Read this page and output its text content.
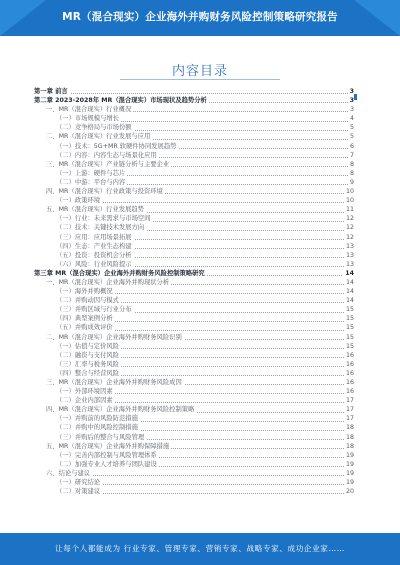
MR（混合现实）企业海外并购财务风险控制策略研究报告
内容目录
第一章 前言	3
第二章 2023-2028年 MR（混合现实）市场现状及趋势分析	3
一、MR（混合现实）行业概况	3
（一）市场规模与增长	4
（二）竞争格局与市场份额	5
二、MR（混合现实）行业发展与应用	5
（一）技术：5G+MR 软硬件协同发展趋势	6
（二）内容：内容生态与场景化应用	7
三、MR（混合现实）产业链分析与主要企业	8
（一）上游：硬件与芯片	8
（二）中游：平台与内容	9
四、MR（混合现实）行业政策与投资环境	10
（一）政策环境	10
五、MR（混合现实）行业发展趋势	11
（一）行业：未来需求与市场空间	12
（二）技术：关键技术发展方向	12
（三）应用：应用场景拓展	12
（四）生态：产业生态构建	13
（五）投资：投资机会分析	13
（六）风险：行业风险提示	13
第三章 MR（混合现实）企业海外并购财务风险控制策略研究	14
一、MR（混合现实）企业海外并购现状分析	14
（一）海外并购概况	14
（二）并购动因与模式	14
（三）并购区域与行业分布	15
（四）典型案例分析	15
（五）并购成效评价	15
二、MR（混合现实）企业海外并购财务风险识别	15
（一）估值与定价风险	15
（二）融资与支付风险	16
（三）汇率与税务风险	16
（四）整合与经营风险	16
三、MR（混合现实）企业海外并购财务风险成因	16
（一）外部环境因素	16
（二）企业内部因素	17
四、MR（混合现实）企业海外并购财务风险控制策略	17
（一）并购前的风险防范措施	17
（二）并购中的风险控制措施	18
（三）并购后的整合与风险管理	18
五、MR（混合现实）企业海外并购保障措施	18
（一）完善内部控制与风险管理体系	19
（二）加强专业人才培养与团队建设	19
六、结论与建议	19
（一）研究结论	19
（二）对策建议	20
让每个人都能成为 行业专家、管理专家、营销专家、战略专家、成功企业家……
